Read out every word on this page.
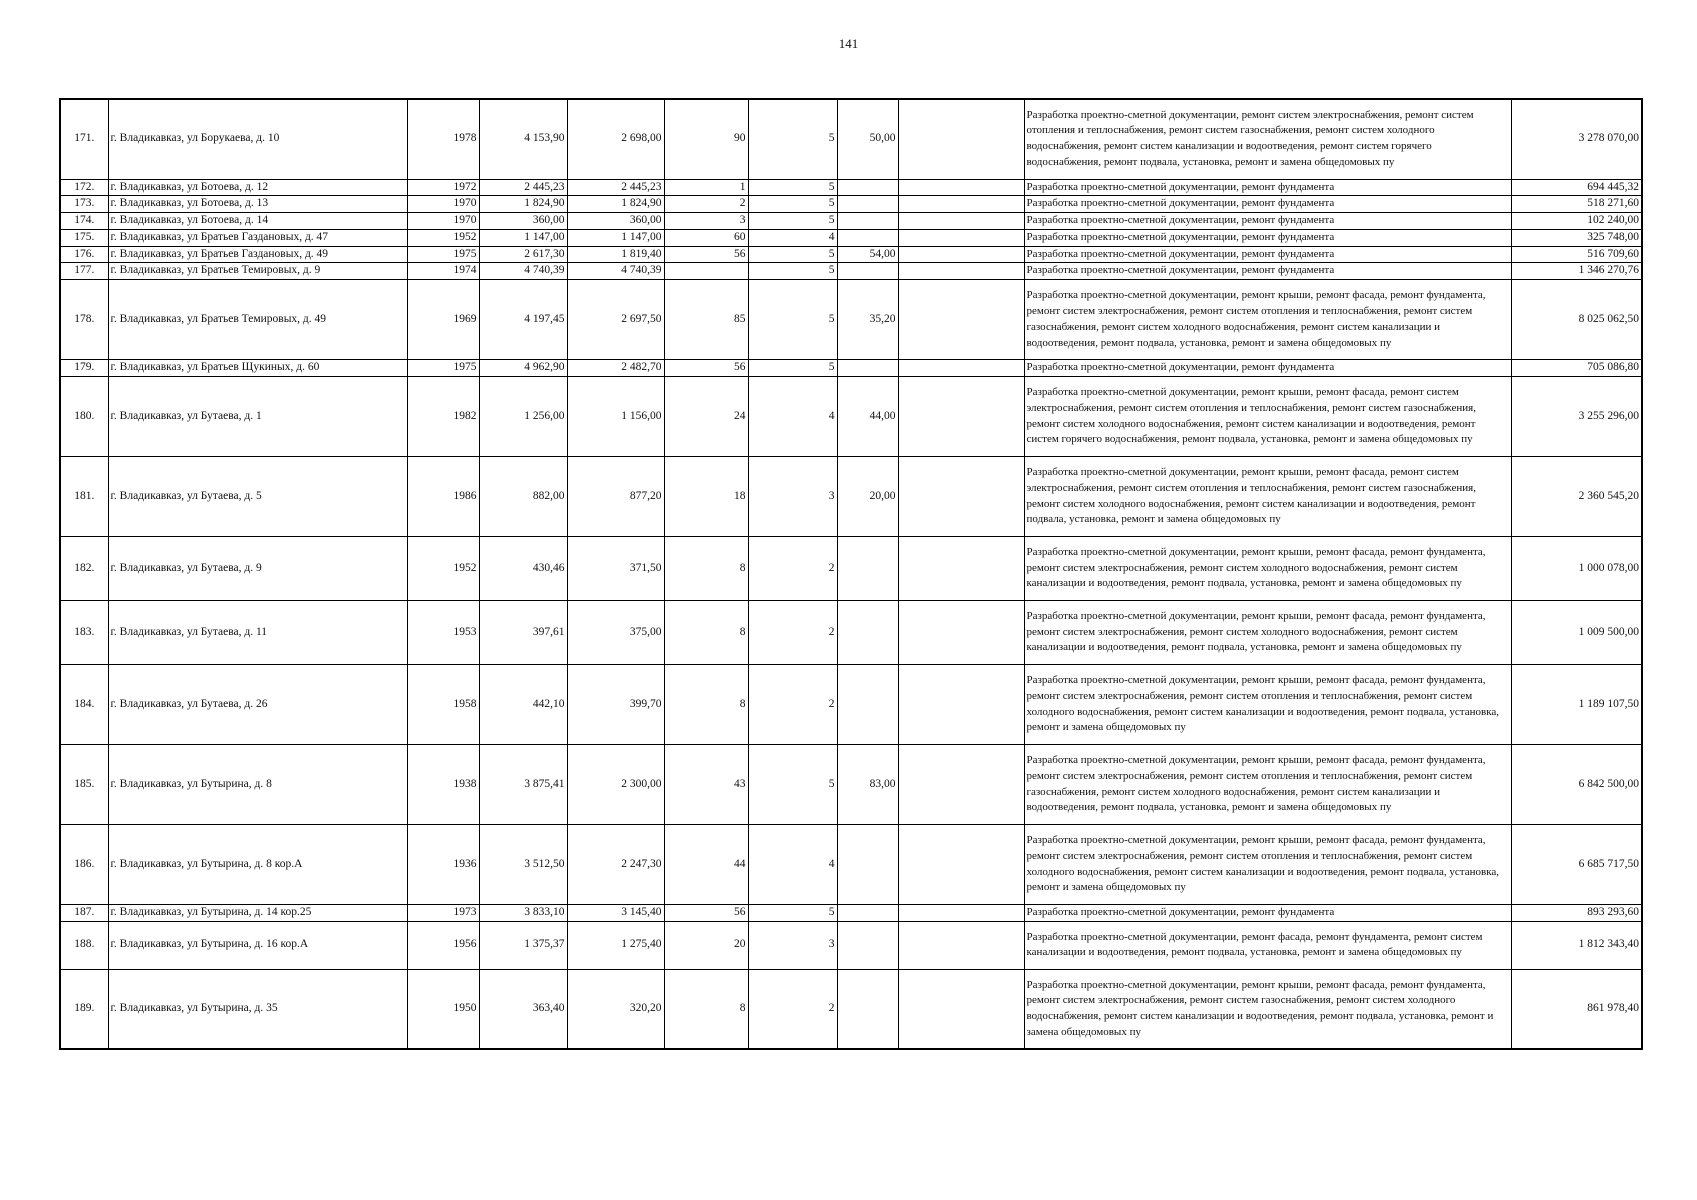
141
171.	г. Владикавказ, ул Борукаева, д. 10	1978	4 153,90	2 698,00	90	5	50,00		Разработка проектно-сметной документации, ремонт систем электроснабжения, ремонт систем отопления и теплоснабжения, ремонт систем газоснабжения, ремонт систем холодного водоснабжения, ремонт систем канализации и водоотведения, ремонт систем горячего водоснабжения, ремонт подвала, установка, ремонт и замена общедомовых пу	3 278 070,00
172.	г. Владикавказ, ул Ботоева, д. 12	1972	2 445,23	2 445,23	1	5			Разработка проектно-сметной документации, ремонт фундамента	694 445,32
173.	г. Владикавказ, ул Ботоева, д. 13	1970	1 824,90	1 824,90	2	5			Разработка проектно-сметной документации, ремонт фундамента	518 271,60
174.	г. Владикавказ, ул Ботоева, д. 14	1970	360,00	360,00	3	5			Разработка проектно-сметной документации, ремонт фундамента	102 240,00
175.	г. Владикавказ, ул Братьев Газдановых, д. 47	1952	1 147,00	1 147,00	60	4			Разработка проектно-сметной документации, ремонт фундамента	325 748,00
176.	г. Владикавказ, ул Братьев Газдановых, д. 49	1975	2 617,30	1 819,40	56	5	54,00		Разработка проектно-сметной документации, ремонт фундамента	516 709,60
177.	г. Владикавказ, ул Братьев Темировых, д. 9	1974	4 740,39	4 740,39		5			Разработка проектно-сметной документации, ремонт фундамента	1 346 270,76
178.	г. Владикавказ, ул Братьев Темировых, д. 49	1969	4 197,45	2 697,50	85	5	35,20		Разработка проектно-сметной документации, ремонт крыши, ремонт фасада, ремонт фундамента, ремонт систем электроснабжения, ремонт систем отопления и теплоснабжения, ремонт систем газоснабжения, ремонт систем холодного водоснабжения, ремонт систем канализации и водоотведения, ремонт подвала, установка, ремонт и замена общедомовых пу	8 025 062,50
179.	г. Владикавказ, ул Братьев Щукиных, д. 60	1975	4 962,90	2 482,70	56	5			Разработка проектно-сметной документации, ремонт фундамента	705 086,80
180.	г. Владикавказ, ул Бутаева, д. 1	1982	1 256,00	1 156,00	24	4	44,00		Разработка проектно-сметной документации, ремонт крыши, ремонт фасада, ремонт систем электроснабжения, ремонт систем отопления и теплоснабжения, ремонт систем газоснабжения, ремонт систем холодного водоснабжения, ремонт систем канализации и водоотведения, ремонт систем горячего водоснабжения, ремонт подвала, установка, ремонт и замена общедомовых пу	3 255 296,00
181.	г. Владикавказ, ул Бутаева, д. 5	1986	882,00	877,20	18	3	20,00		Разработка проектно-сметной документации, ремонт крыши, ремонт фасада, ремонт систем электроснабжения, ремонт систем отопления и теплоснабжения, ремонт систем газоснабжения, ремонт систем холодного водоснабжения, ремонт систем канализации и водоотведения, ремонт подвала, установка, ремонт и замена общедомовых пу	2 360 545,20
182.	г. Владикавказ, ул Бутаева, д. 9	1952	430,46	371,50	8	2			Разработка проектно-сметной документации, ремонт крыши, ремонт фасада, ремонт фундамента, ремонт систем электроснабжения, ремонт систем холодного водоснабжения, ремонт систем канализации и водоотведения, ремонт подвала, установка, ремонт и замена общедомовых пу	1 000 078,00
183.	г. Владикавказ, ул Бутаева, д. 11	1953	397,61	375,00	8	2			Разработка проектно-сметной документации, ремонт крыши, ремонт фасада, ремонт фундамента, ремонт систем электроснабжения, ремонт систем холодного водоснабжения, ремонт систем канализации и водоотведения, ремонт подвала, установка, ремонт и замена общедомовых пу	1 009 500,00
184.	г. Владикавказ, ул Бутаева, д. 26	1958	442,10	399,70	8	2			Разработка проектно-сметной документации, ремонт крыши, ремонт фасада, ремонт фундамента, ремонт систем электроснабжения, ремонт систем отопления и теплоснабжения, ремонт систем холодного водоснабжения, ремонт систем канализации и водоотведения, ремонт подвала, установка, ремонт и замена общедомовых пу	1 189 107,50
185.	г. Владикавказ, ул Бутырина, д. 8	1938	3 875,41	2 300,00	43	5	83,00		Разработка проектно-сметной документации, ремонт крыши, ремонт фасада, ремонт фундамента, ремонт систем электроснабжения, ремонт систем отопления и теплоснабжения, ремонт систем газоснабжения, ремонт систем холодного водоснабжения, ремонт систем канализации и водоотведения, ремонт подвала, установка, ремонт и замена общедомовых пу	6 842 500,00
186.	г. Владикавказ, ул Бутырина, д. 8 кор.А	1936	3 512,50	2 247,30	44	4			Разработка проектно-сметной документации, ремонт крыши, ремонт фасада, ремонт фундамента, ремонт систем электроснабжения, ремонт систем отопления и теплоснабжения, ремонт систем холодного водоснабжения, ремонт систем канализации и водоотведения, ремонт подвала, установка, ремонт и замена общедомовых пу	6 685 717,50
187.	г. Владикавказ, ул Бутырина, д. 14 кор.25	1973	3 833,10	3 145,40	56	5			Разработка проектно-сметной документации, ремонт фундамента	893 293,60
188.	г. Владикавказ, ул Бутырина, д. 16 кор.А	1956	1 375,37	1 275,40	20	3			Разработка проектно-сметной документации, ремонт фасада, ремонт фундамента, ремонт систем канализации и водоотведения, ремонт подвала, установка, ремонт и замена общедомовых пу	1 812 343,40
189.	г. Владикавказ, ул Бутырина, д. 35	1950	363,40	320,20	8	2			Разработка проектно-сметной документации, ремонт крыши, ремонт фасада, ремонт фундамента, ремонт систем электроснабжения, ремонт систем газоснабжения, ремонт систем холодного водоснабжения, ремонт систем канализации и водоотведения, ремонт подвала, установка, ремонт и замена общедомовых пу	861 978,40
